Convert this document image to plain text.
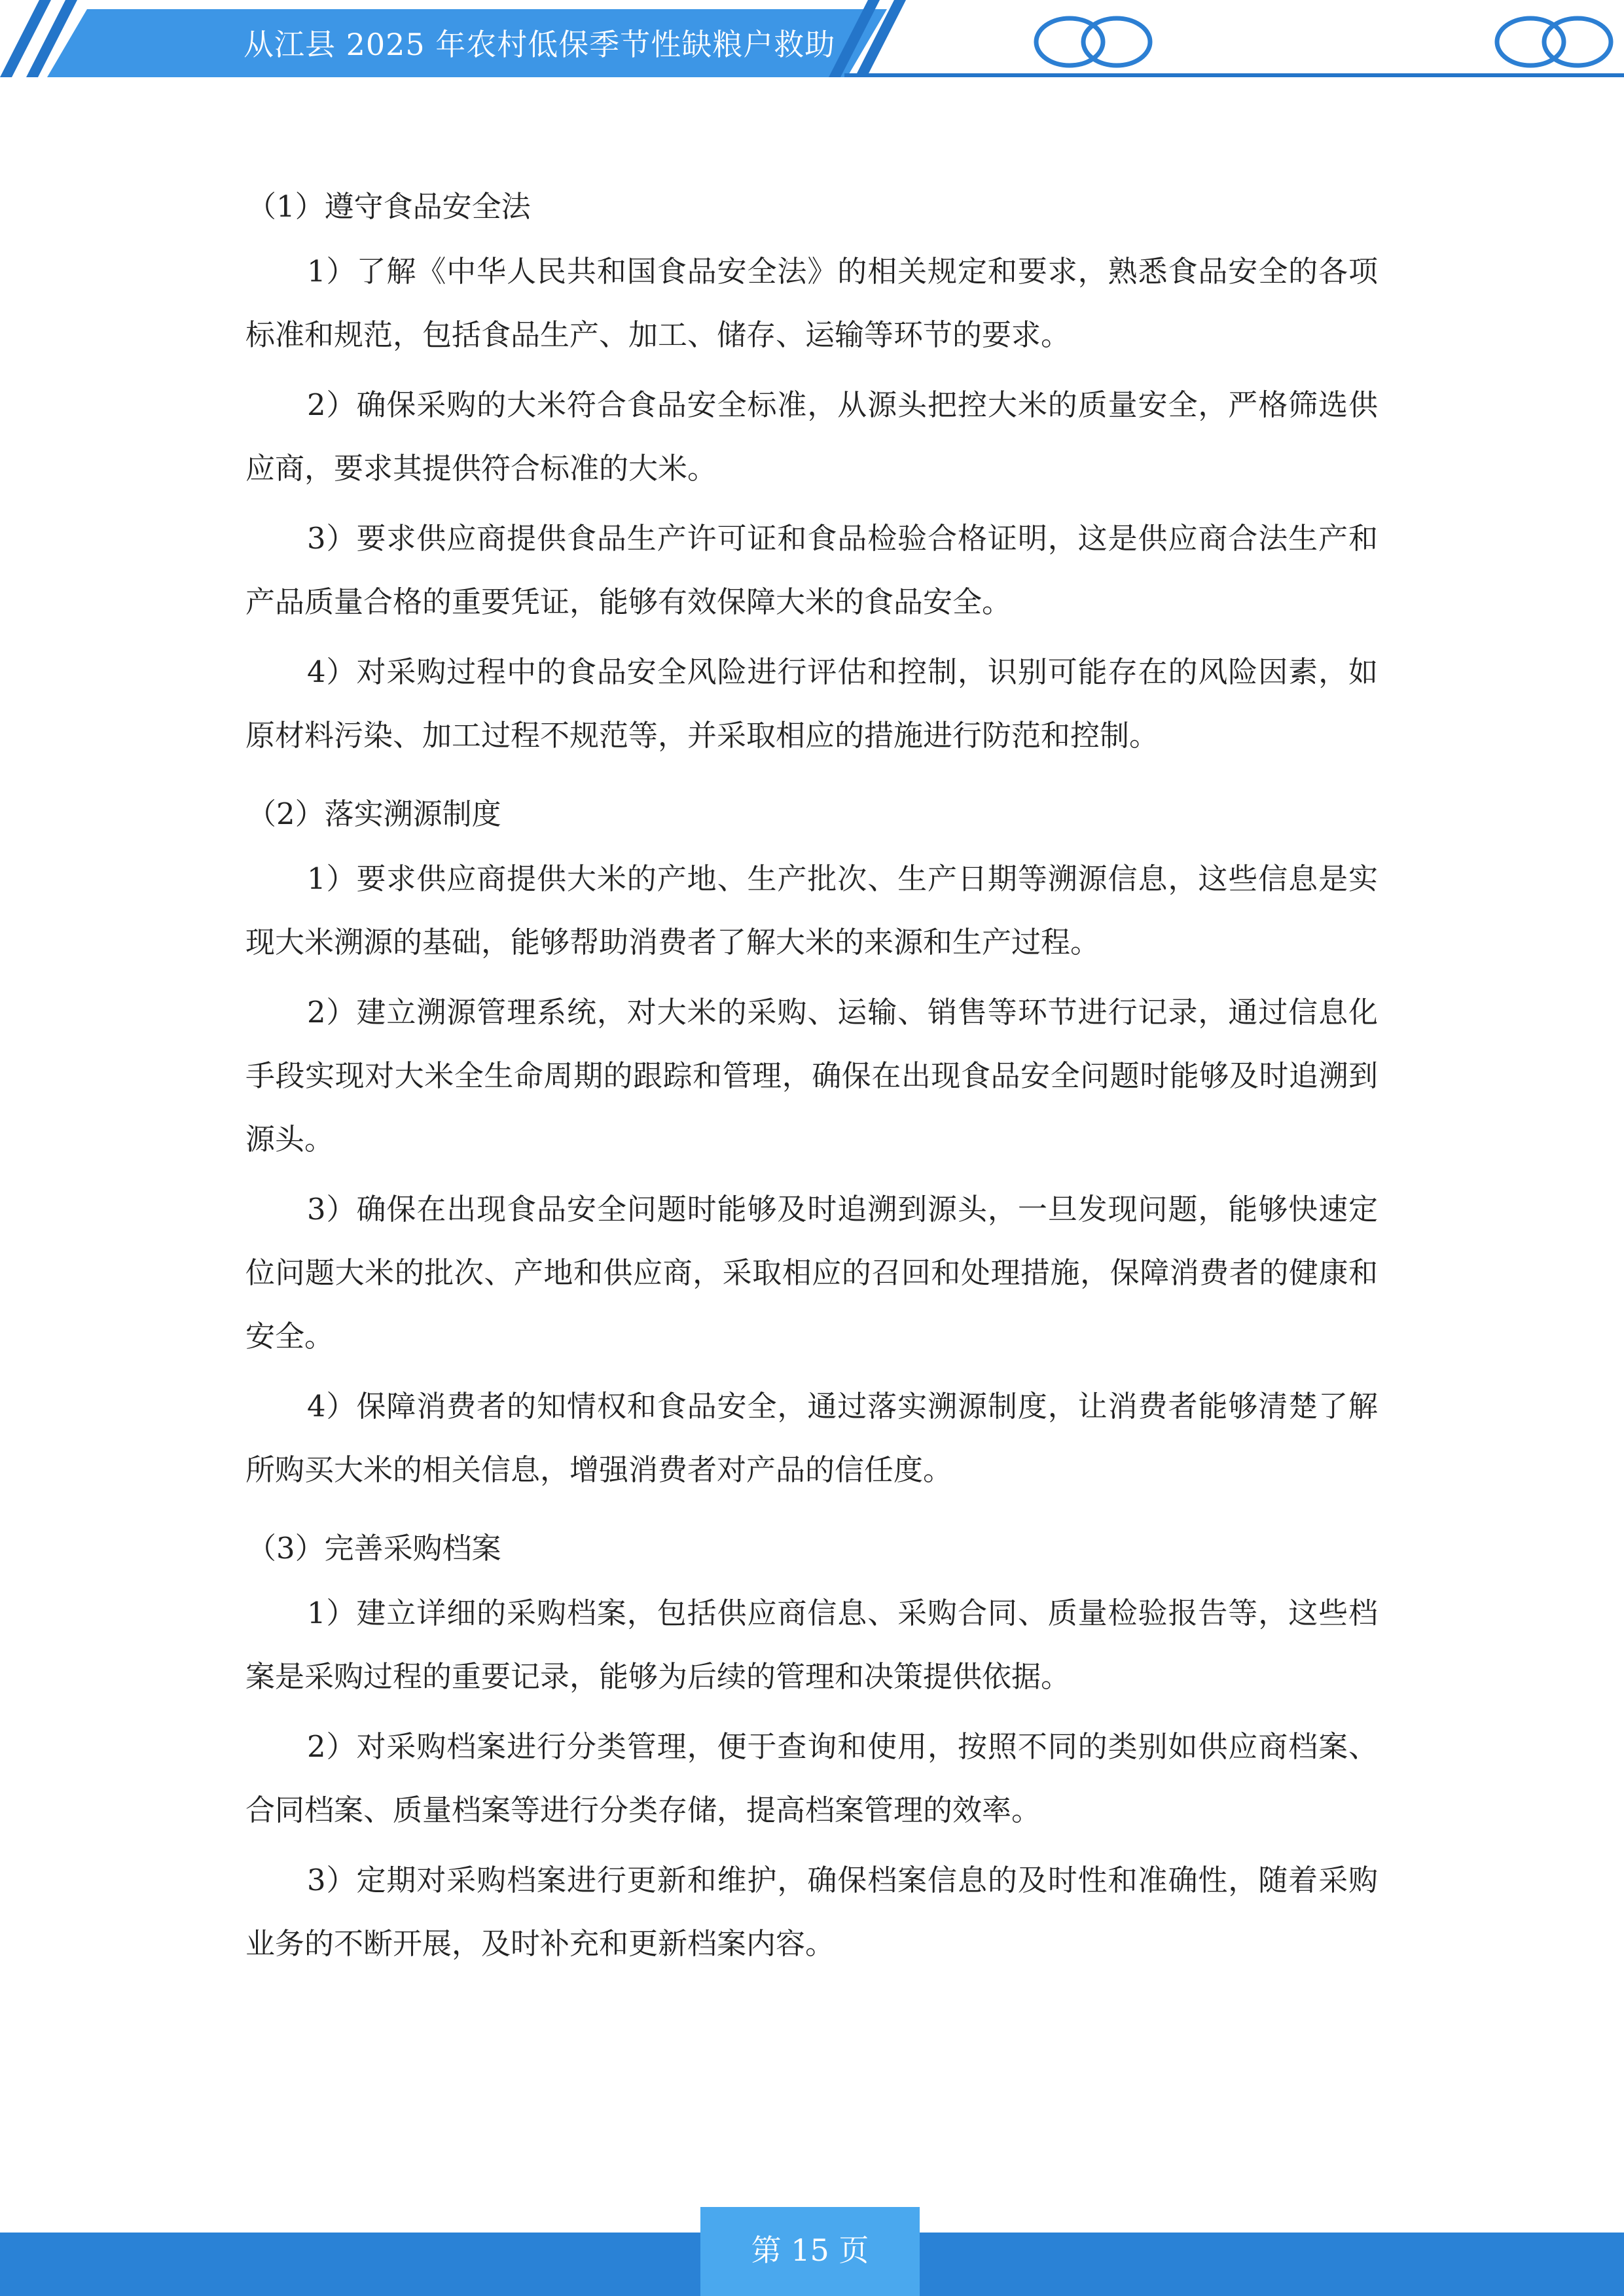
从江县 2025 年农村低保季节性缺粮户救助
（1）遵守食品安全法

1）了解《中华人民共和国食品安全法》的相关规定和要求，熟悉食品安全的各项标准和规范，包括食品生产、加工、储存、运输等环节的要求。

2）确保采购的大米符合食品安全标准，从源头把控大米的质量安全，严格筛选供应商，要求其提供符合标准的大米。

3）要求供应商提供食品生产许可证和食品检验合格证明，这是供应商合法生产和产品质量合格的重要凭证，能够有效保障大米的食品安全。

4）对采购过程中的食品安全风险进行评估和控制，识别可能存在的风险因素，如原材料污染、加工过程不规范等，并采取相应的措施进行防范和控制。

（2）落实溯源制度

1）要求供应商提供大米的产地、生产批次、生产日期等溯源信息，这些信息是实现大米溯源的基础，能够帮助消费者了解大米的来源和生产过程。

2）建立溯源管理系统，对大米的采购、运输、销售等环节进行记录，通过信息化手段实现对大米全生命周期的跟踪和管理，确保在出现食品安全问题时能够及时追溯到源头。

3）确保在出现食品安全问题时能够及时追溯到源头，一旦发现问题，能够快速定位问题大米的批次、产地和供应商，采取相应的召回和处理措施，保障消费者的健康和安全。

4）保障消费者的知情权和食品安全，通过落实溯源制度，让消费者能够清楚了解所购买大米的相关信息，增强消费者对产品的信任度。

（3）完善采购档案

1）建立详细的采购档案，包括供应商信息、采购合同、质量检验报告等，这些档案是采购过程的重要记录，能够为后续的管理和决策提供依据。

2）对采购档案进行分类管理，便于查询和使用，按照不同的类别如供应商档案、合同档案、质量档案等进行分类存储，提高档案管理的效率。

3）定期对采购档案进行更新和维护，确保档案信息的及时性和准确性，随着采购业务的不断开展，及时补充和更新档案内容。

第 15 页
